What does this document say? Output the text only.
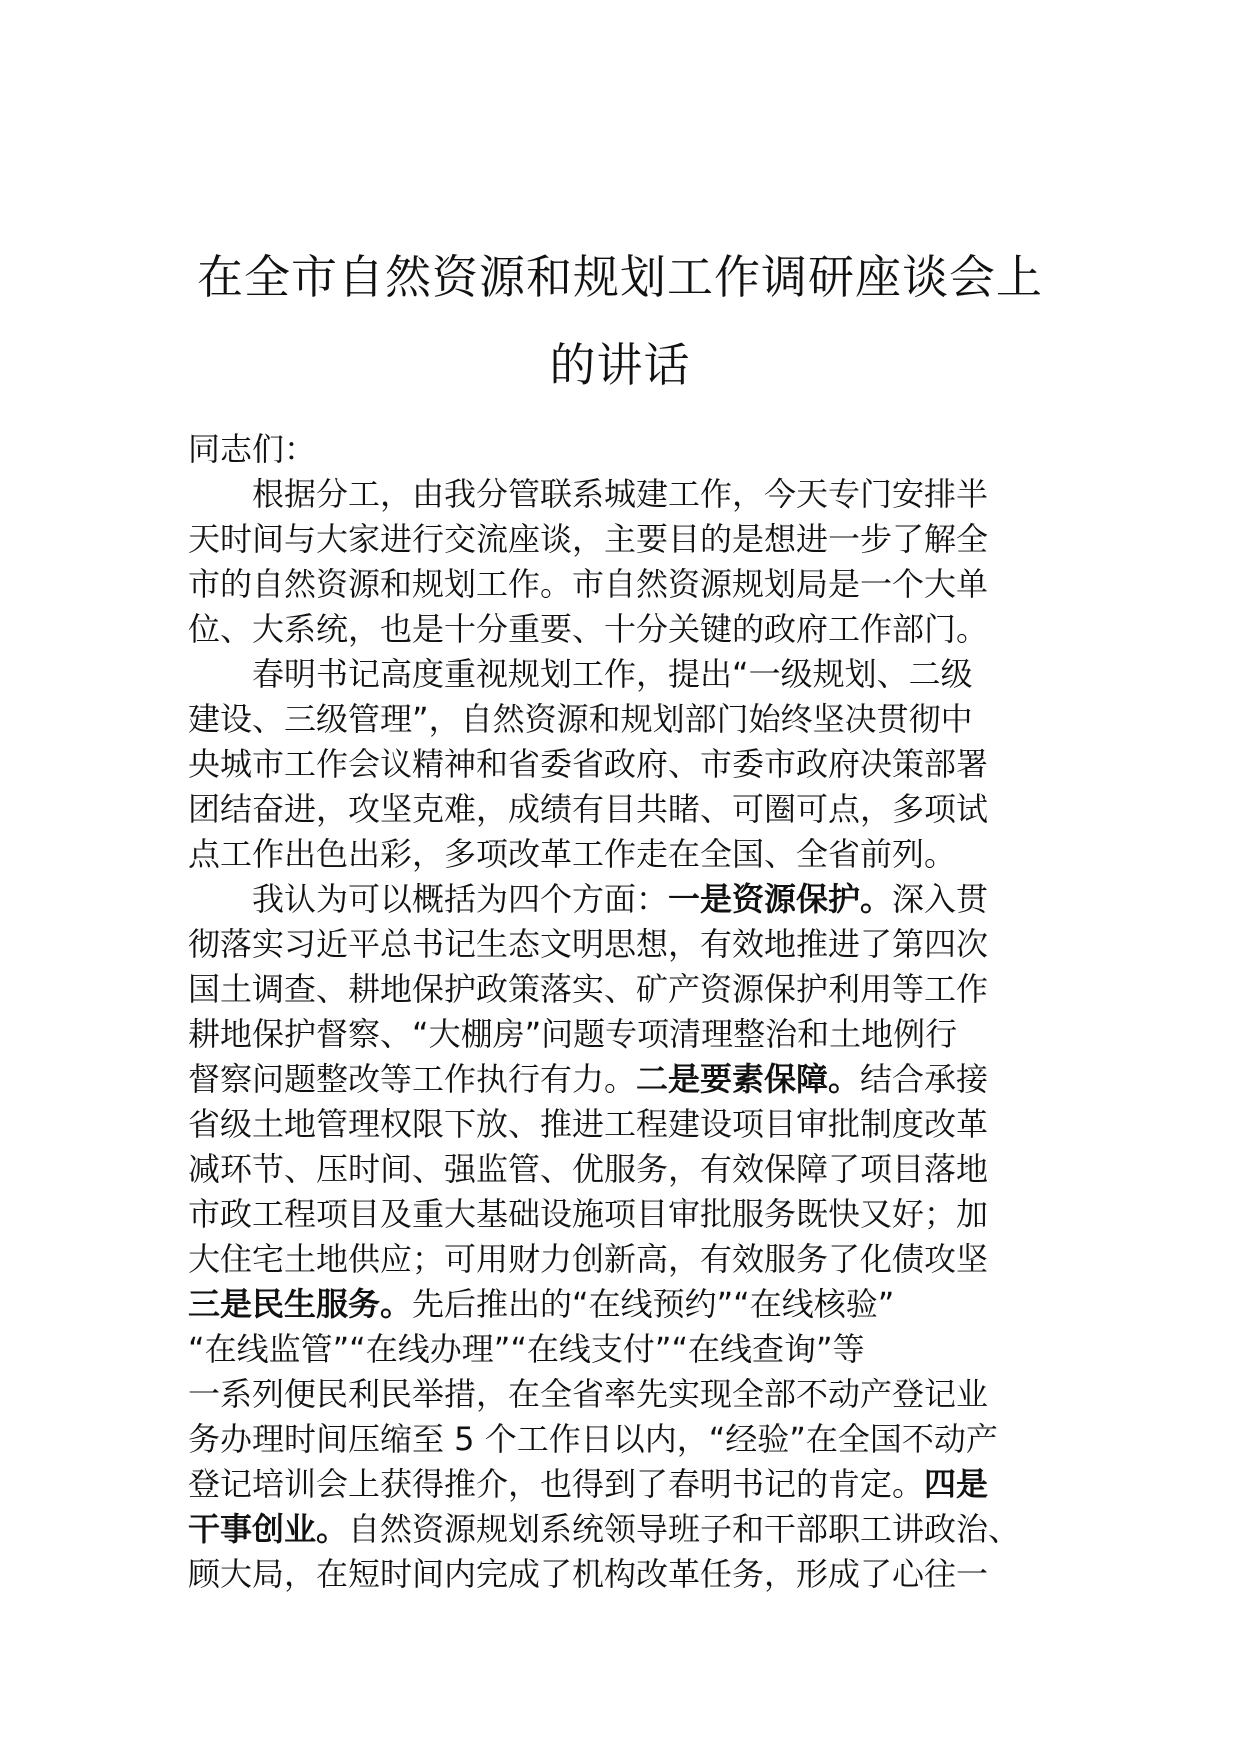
在全市自然资源和规划工作调研座谈会上
的讲话
同志们：
根据分工，由我分管联系城建工作，今天专门安排半
天时间与大家进行交流座谈，主要目的是想进一步了解全
市的自然资源和规划工作。市自然资源规划局是一个大单
位、大系统，也是十分重要、十分关键的政府工作部门。
春明书记高度重视规划工作，提出“一级规划、二级
建设、三级管理”，自然资源和规划部门始终坚决贯彻中
央城市工作会议精神和省委省政府、市委市政府决策部署
团结奋进，攻坚克难，成绩有目共睹、可圈可点，多项试
点工作出色出彩，多项改革工作走在全国、全省前列。
我认为可以概括为四个方面：一是资源保护。深入贯
彻落实习近平总书记生态文明思想，有效地推进了第四次
国土调查、耕地保护政策落实、矿产资源保护利用等工作
耕地保护督察、“大棚房”问题专项清理整治和土地例行
督察问题整改等工作执行有力。二是要素保障。结合承接
省级土地管理权限下放、推进工程建设项目审批制度改革
减环节、压时间、强监管、优服务，有效保障了项目落地
市政工程项目及重大基础设施项目审批服务既快又好；加
大住宅土地供应；可用财力创新高，有效服务了化债攻坚
三是民生服务。先后推出的“在线预约”“在线核验”
“在线监管”“在线办理”“在线支付”“在线查询”等
一系列便民利民举措，在全省率先实现全部不动产登记业
务办理时间压缩至 5 个工作日以内，“经验”在全国不动产
登记培训会上获得推介，也得到了春明书记的肯定。四是
干事创业。自然资源规划系统领导班子和干部职工讲政治、
顾大局，在短时间内完成了机构改革任务，形成了心往一
